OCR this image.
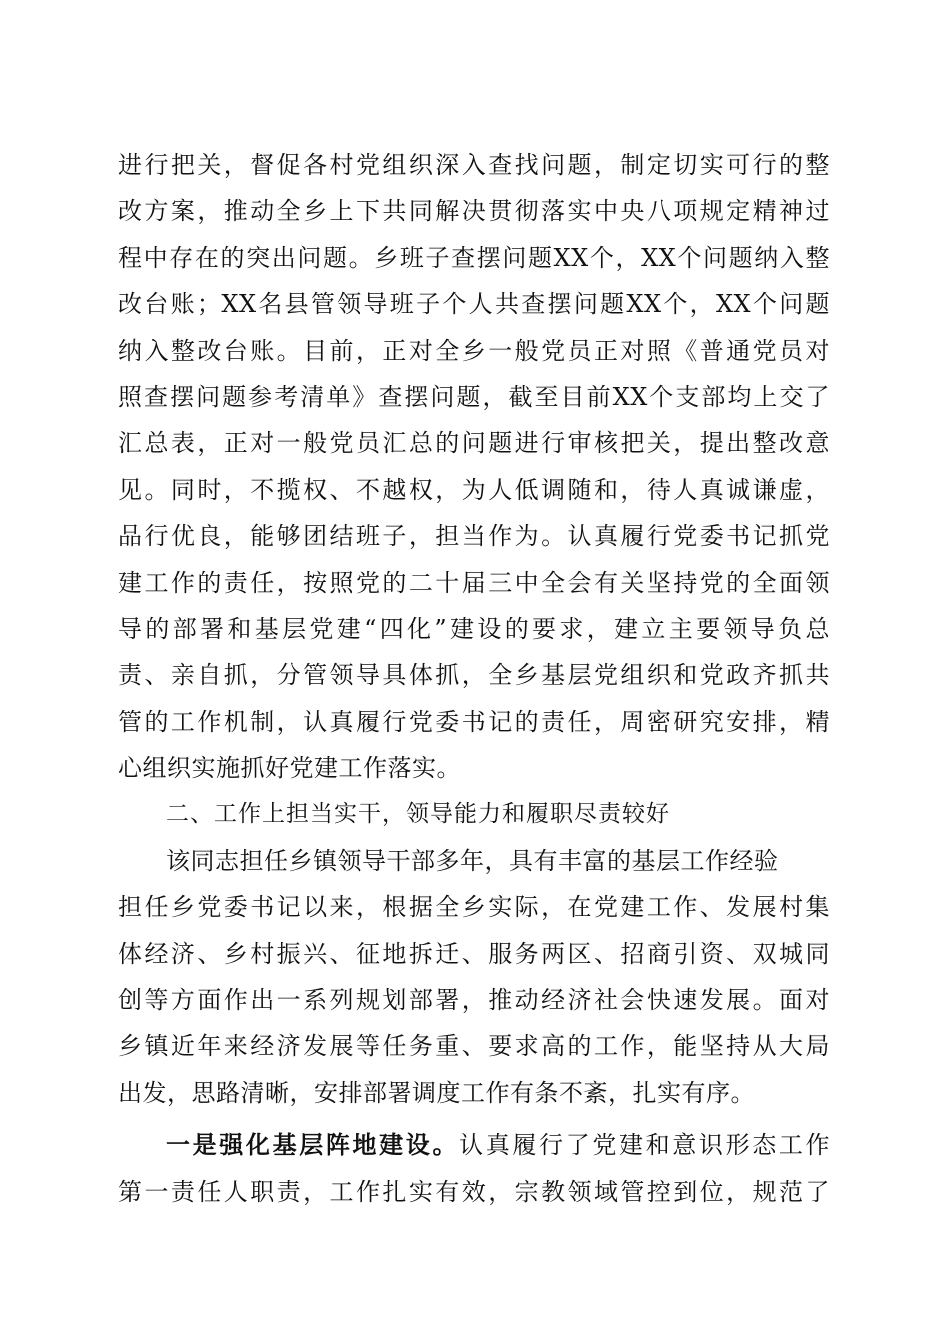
进行把关，督促各村党组织深入查找问题，制定切实可行的整
改方案，推动全乡上下共同解决贯彻落实中央八项规定精神过
程中存在的突出问题。乡班子查摆问题XX个，XX个问题纳入整
改台账；XX名县管领导班子个人共查摆问题XX个，XX个问题
纳入整改台账。目前，正对全乡一般党员正对照《普通党员对
照查摆问题参考清单》查摆问题，截至目前XX个支部均上交了
汇总表，正对一般党员汇总的问题进行审核把关，提出整改意
见。同时，不揽权、不越权，为人低调随和，待人真诚谦虚，
品行优良，能够团结班子，担当作为。认真履行党委书记抓党
建工作的责任，按照党的二十届三中全会有关坚持党的全面领
导的部署和基层党建“四化”建设的要求，建立主要领导负总
责、亲自抓，分管领导具体抓，全乡基层党组织和党政齐抓共
管的工作机制，认真履行党委书记的责任，周密研究安排，精
心组织实施抓好党建工作落实。
二、工作上担当实干，领导能力和履职尽责较好
该同志担任乡镇领导干部多年，具有丰富的基层工作经验
担任乡党委书记以来，根据全乡实际，在党建工作、发展村集
体经济、乡村振兴、征地拆迁、服务两区、招商引资、双城同
创等方面作出一系列规划部署，推动经济社会快速发展。面对
乡镇近年来经济发展等任务重、要求高的工作，能坚持从大局
出发，思路清晰，安排部署调度工作有条不紊，扎实有序。
一是强化基层阵地建设。认真履行了党建和意识形态工作
第一责任人职责，工作扎实有效，宗教领域管控到位，规范了
